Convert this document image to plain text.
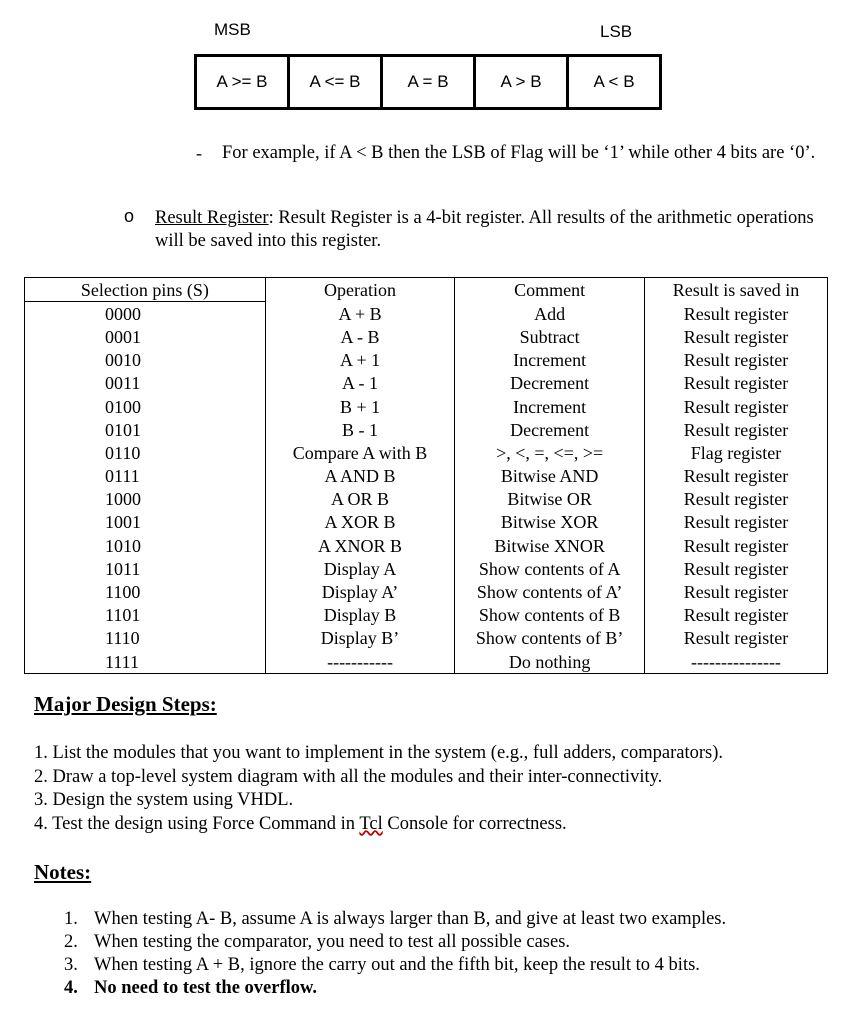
MSB	LSB
A >= B	A <= B	A = B	A > B	A < B
- For example, if A < B then the LSB of Flag will be ‘1’ while other 4 bits are ‘0’.
o Result Register: Result Register is a 4-bit register. All results of the arithmetic operations will be saved into this register.
Selection pins (S)	Operation	Comment	Result is saved in
0000	A + B	Add	Result register
0001	A - B	Subtract	Result register
0010	A + 1	Increment	Result register
0011	A - 1	Decrement	Result register
0100	B + 1	Increment	Result register
0101	B - 1	Decrement	Result register
0110	Compare A with B	>, <, =, <=, >=	Flag register
0111	A AND B	Bitwise AND	Result register
1000	A OR B	Bitwise OR	Result register
1001	A XOR B	Bitwise XOR	Result register
1010	A XNOR B	Bitwise XNOR	Result register
1011	Display A	Show contents of A	Result register
1100	Display A’	Show contents of A’	Result register
1101	Display B	Show contents of B	Result register
1110	Display B’	Show contents of B’	Result register
1111	-----------	Do nothing	---------------
Major Design Steps:
1. List the modules that you want to implement in the system (e.g., full adders, comparators).
2. Draw a top-level system diagram with all the modules and their inter-connectivity.
3. Design the system using VHDL.
4. Test the design using Force Command in Tcl Console for correctness.
Notes:
1. When testing A- B, assume A is always larger than B, and give at least two examples.
2. When testing the comparator, you need to test all possible cases.
3. When testing A + B, ignore the carry out and the fifth bit, keep the result to 4 bits.
4. No need to test the overflow.
